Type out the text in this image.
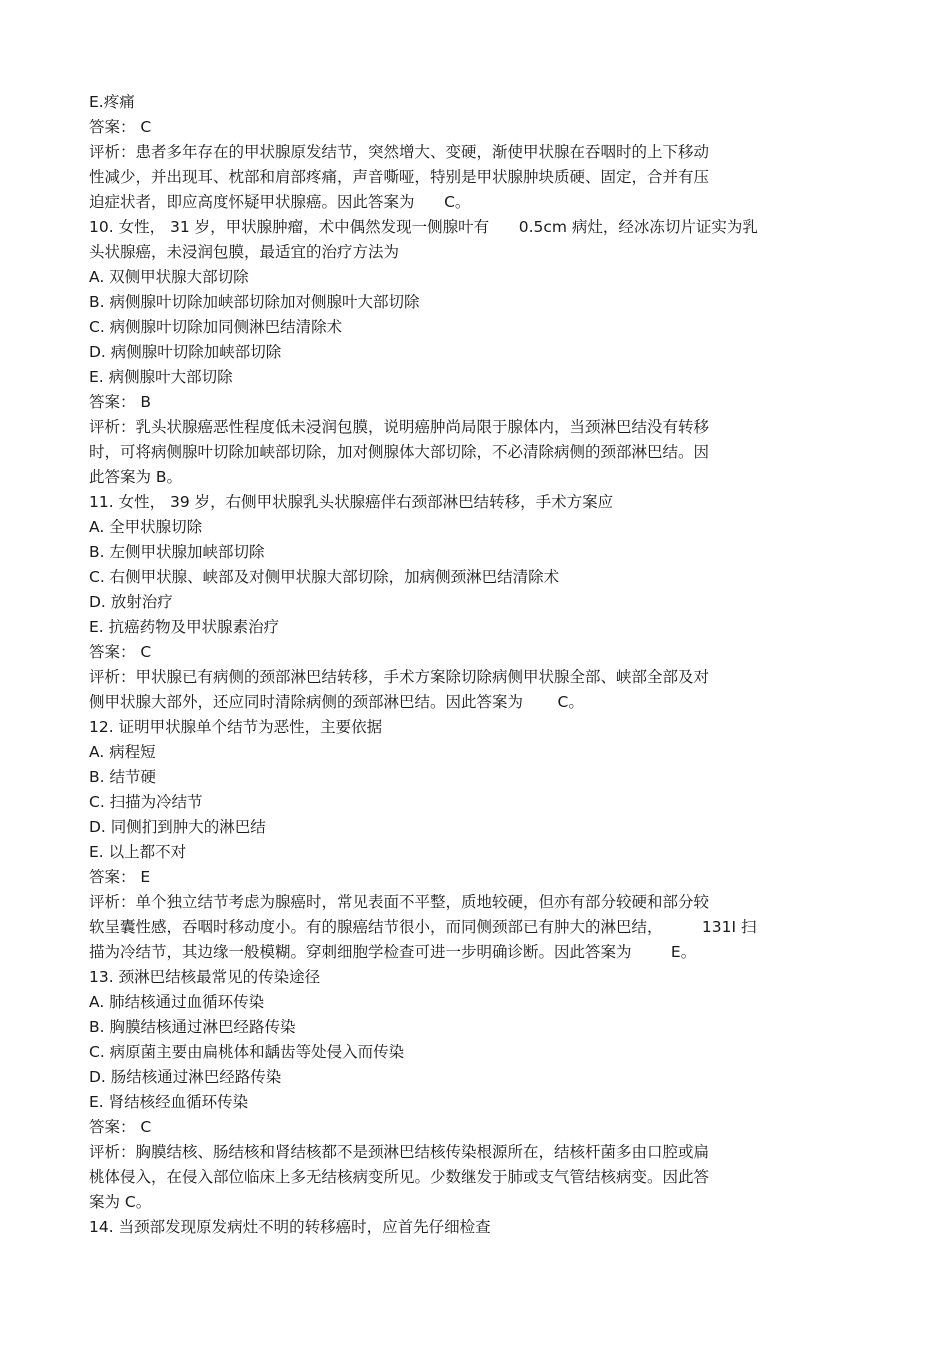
E.疼痛
答案： C
评析：患者多年存在的甲状腺原发结节，突然增大、变硬，渐使甲状腺在吞咽时的上下移动
性减少，并出现耳、枕部和肩部疼痛，声音嘶哑，特别是甲状腺肿块质硬、固定，合并有压
迫症状者，即应高度怀疑甲状腺癌。因此答案为      C。
10. 女性， 31 岁，甲状腺肿瘤，术中偶然发现一侧腺叶有      0.5cm 病灶，经冰冻切片证实为乳
头状腺癌，未浸润包膜，最适宜的治疗方法为
A. 双侧甲状腺大部切除
B. 病侧腺叶切除加峡部切除加对侧腺叶大部切除
C. 病侧腺叶切除加同侧淋巴结清除术
D. 病侧腺叶切除加峡部切除
E. 病侧腺叶大部切除
答案： B
评析：乳头状腺癌恶性程度低未浸润包膜，说明癌肿尚局限于腺体内，当颈淋巴结没有转移
时，可将病侧腺叶切除加峡部切除，加对侧腺体大部切除，不必清除病侧的颈部淋巴结。因
此答案为 B。
11. 女性， 39 岁，右侧甲状腺乳头状腺癌伴右颈部淋巴结转移，手术方案应
A. 全甲状腺切除
B. 左侧甲状腺加峡部切除
C. 右侧甲状腺、峡部及对侧甲状腺大部切除，加病侧颈淋巴结清除术
D. 放射治疗
E. 抗癌药物及甲状腺素治疗
答案： C
评析：甲状腺已有病侧的颈部淋巴结转移，手术方案除切除病侧甲状腺全部、峡部全部及对
侧甲状腺大部外，还应同时清除病侧的颈部淋巴结。因此答案为       C。
12. 证明甲状腺单个结节为恶性，主要依据
A. 病程短
B. 结节硬
C. 扫描为冷结节
D. 同侧扪到肿大的淋巴结
E. 以上都不对
答案： E
评析：单个独立结节考虑为腺癌时，常见表面不平整，质地较硬，但亦有部分较硬和部分较
软呈囊性感，吞咽时移动度小。有的腺癌结节很小，而同侧颈部已有肿大的淋巴结，        131I 扫
描为冷结节，其边缘一般模糊。穿刺细胞学检查可进一步明确诊断。因此答案为        E。
13. 颈淋巴结核最常见的传染途径
A. 肺结核通过血循环传染
B. 胸膜结核通过淋巴经路传染
C. 病原菌主要由扁桃体和龋齿等处侵入而传染
D. 肠结核通过淋巴经路传染
E. 肾结核经血循环传染
答案： C
评析：胸膜结核、肠结核和肾结核都不是颈淋巴结核传染根源所在，结核杆菌多由口腔或扁
桃体侵入，在侵入部位临床上多无结核病变所见。少数继发于肺或支气管结核病变。因此答
案为 C。
14. 当颈部发现原发病灶不明的转移癌时，应首先仔细检查
